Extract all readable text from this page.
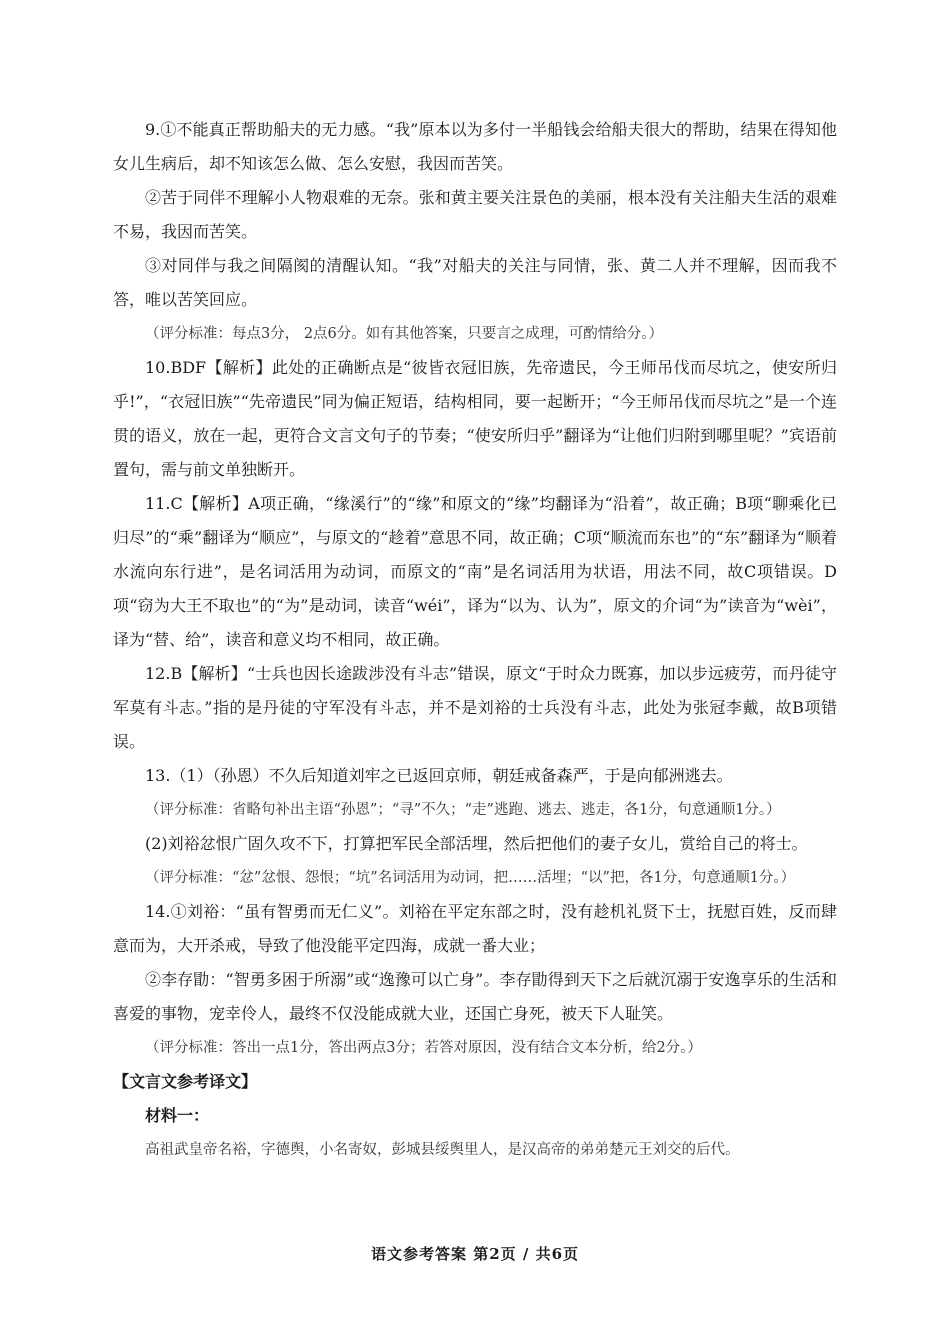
9.①不能真正帮助船夫的无力感。“我”原本以为多付一半船钱会给船夫很大的帮助，结果在得知他女儿生病后，却不知该怎么做、怎么安慰，我因而苦笑。

②苦于同伴不理解小人物艰难的无奈。张和黄主要关注景色的美丽，根本没有关注船夫生活的艰难不易，我因而苦笑。

③对同伴与我之间隔阂的清醒认知。“我”对船夫的关注与同情，张、黄二人并不理解，因而我不答，唯以苦笑回应。

（评分标准：每点3分， 2点6分。如有其他答案，只要言之成理，可酌情给分。）

10.BDF【解析】此处的正确断点是“彼皆衣冠旧族，先帝遗民，今王师吊伐而尽坑之，使安所归乎!”，“衣冠旧族”“先帝遗民”同为偏正短语，结构相同，要一起断开；“今王师吊伐而尽坑之”是一个连贯的语义，放在一起，更符合文言文句子的节奏；“使安所归乎”翻译为“让他们归附到哪里呢？”宾语前置句，需与前文单独断开。

11.C【解析】A项正确，“缘溪行”的“缘”和原文的“缘”均翻译为“沿着”，故正确；B项“聊乘化已归尽”的“乘”翻译为“顺应”，与原文的“趁着”意思不同，故正确；C项“顺流而东也”的“东”翻译为“顺着水流向东行进”，是名词活用为动词，而原文的“南”是名词活用为状语，用法不同，故C项错误。D项“窃为大王不取也”的“为”是动词，读音“wéi”，译为“以为、认为”，原文的介词“为”读音为“wèi”，译为“替、给”，读音和意义均不相同，故正确。

12.B【解析】“士兵也因长途跋涉没有斗志”错误，原文“于时众力既寡，加以步远疲劳，而丹徒守军莫有斗志。”指的是丹徒的守军没有斗志，并不是刘裕的士兵没有斗志，此处为张冠李戴，故B项错误。

13.（1）（孙恩）不久后知道刘牢之已返回京师，朝廷戒备森严，于是向郁洲逃去。

（评分标准：省略句补出主语“孙恩”；“寻”不久；“走”逃跑、逃去、逃走，各1分，句意通顺1分。）

(2)刘裕忿恨广固久攻不下，打算把军民全部活埋，然后把他们的妻子女儿，赏给自己的将士。

（评分标准：“忿”忿恨、怨恨；“坑”名词活用为动词，把……活埋；“以”把，各1分，句意通顺1分。）

14.①刘裕：“虽有智勇而无仁义”。刘裕在平定东部之时，没有趁机礼贤下士，抚慰百姓，反而肆意而为，大开杀戒，导致了他没能平定四海，成就一番大业；

②李存勖：“智勇多困于所溺”或“逸豫可以亡身”。李存勖得到天下之后就沉溺于安逸享乐的生活和喜爱的事物，宠幸伶人，最终不仅没能成就大业，还国亡身死，被天下人耻笑。

（评分标准：答出一点1分，答出两点3分；若答对原因，没有结合文本分析，给2分。）

【文言文参考译文】

材料一：

高祖武皇帝名裕，字德舆，小名寄奴，彭城县绥舆里人，是汉高帝的弟弟楚元王刘交的后代。

语文参考答案 第2页 / 共6页
